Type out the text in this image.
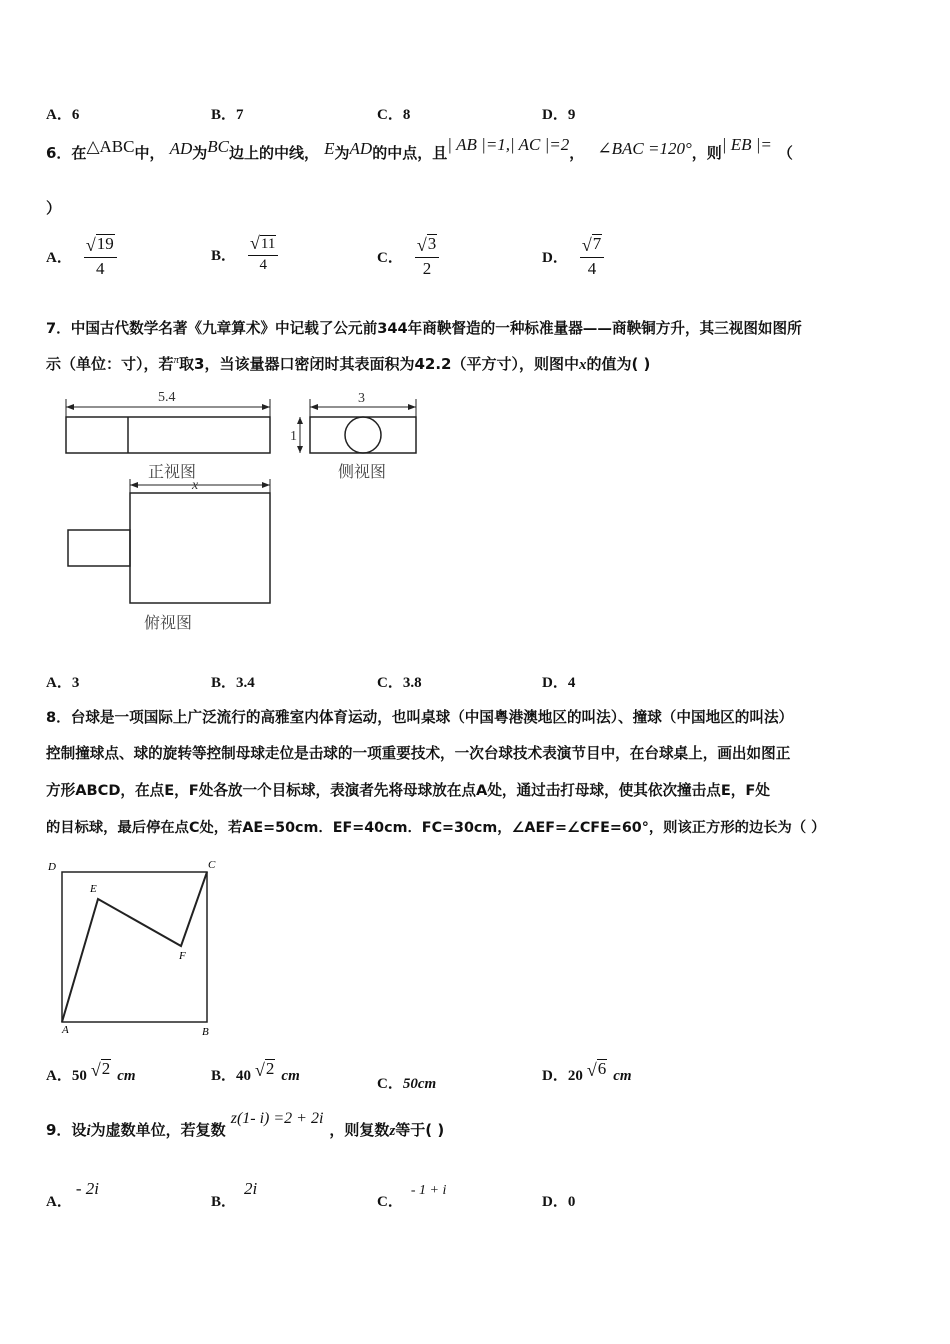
A．6	B．7	C．8	D．9
6．在△ABC中， AD为BC边上的中线， E为AD的中点，且| AB |=1,| AC |=2， ∠BAC =120°，则| EB |= （
）
A． $\frac{√ 19}{4}$	B． $\frac{√ 11}{4}$	C． $\frac{√ 3}{2}$	D． $\frac{√ 7}{4}$
7．中国古代数学名著《九章算术》中记载了公元前344年商鞅督造的一种标准量器——商鞅铜方升，其三视图如图所
示（单位：寸），若$^\pi$取3，当该量器口密闭时其表面积为42.2（平方寸），则图中x的值为( )
5.4
正视图
3
1
侧视图
x
俯视图
A．3	B．3.4	C．3.8	D．4
8．台球是一项国际上广泛流行的高雅室内体育运动，也叫桌球（中国粤港澳地区的叫法）、撞球（中国地区的叫法）
控制撞球点、球的旋转等控制母球走位是击球的一项重要技术，一次台球技术表演节目中，在台球桌上，画出如图正
方形ABCD，在点E，F处各放一个目标球，表演者先将母球放在点A处，通过击打母球，使其依次撞击点E，F处
的目标球，最后停在点C处，若AE=50cm．EF=40cm．FC=30cm，∠AEF=∠CFE=60°，则该正方形的边长为（ ）
D	C
E
F
A	B
A． 50 √ 2 cm	B． 40 √ 2 cm	C．50cm	D． 20 √ 6 cm
9．设i为虚数单位，若复数 z(1- i) =2 + 2i，则复数z等于( )
A．- 2i
B．2i
C．- 1 + i
D．0
